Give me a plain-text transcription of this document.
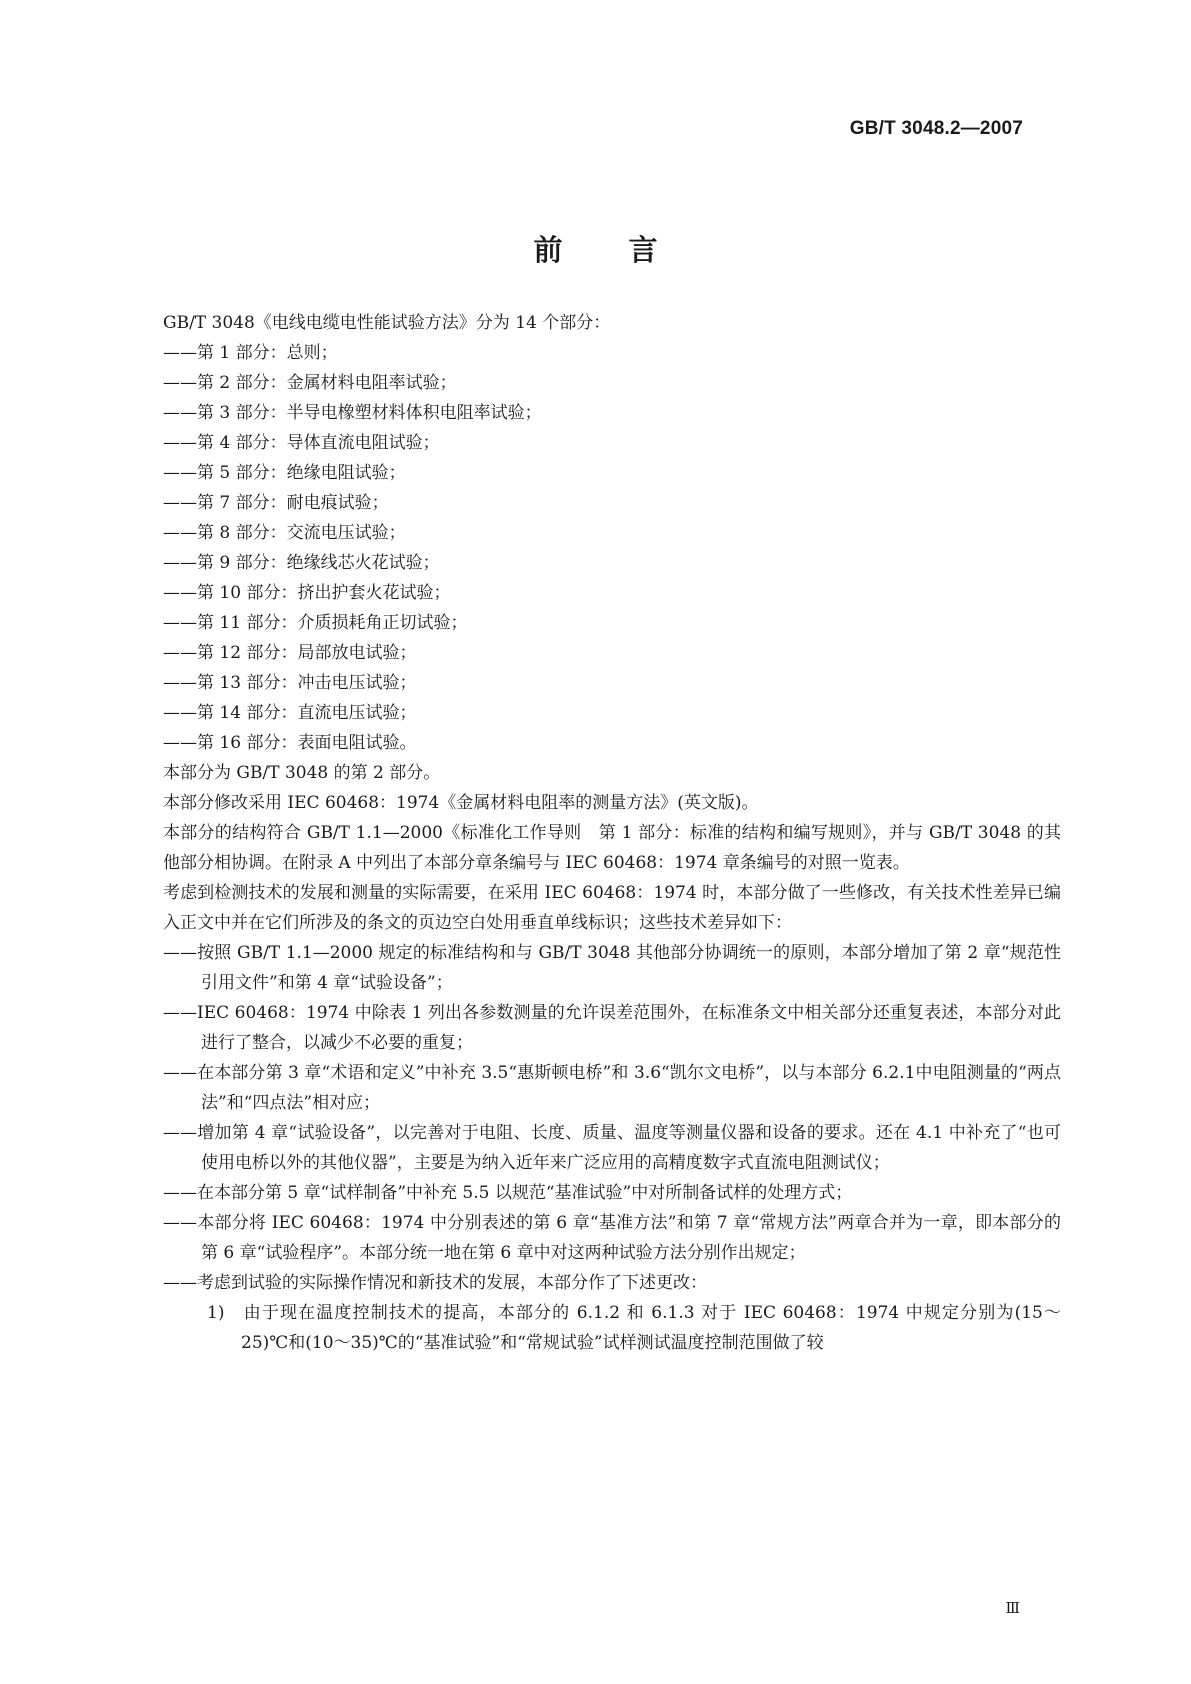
GB/T 3048.2—2007
前 言

GB/T 3048《电线电缆电性能试验方法》分为 14 个部分：

——第 1 部分：总则；
——第 2 部分：金属材料电阻率试验；
——第 3 部分：半导电橡塑材料体积电阻率试验；
——第 4 部分：导体直流电阻试验；
——第 5 部分：绝缘电阻试验；
——第 7 部分：耐电痕试验；
——第 8 部分：交流电压试验；
——第 9 部分：绝缘线芯火花试验；
——第 10 部分：挤出护套火花试验；
——第 11 部分：介质损耗角正切试验；
——第 12 部分：局部放电试验；
——第 13 部分：冲击电压试验；
——第 14 部分：直流电压试验；
——第 16 部分：表面电阻试验。

本部分为 GB/T 3048 的第 2 部分。

本部分修改采用 IEC 60468：1974《金属材料电阻率的测量方法》(英文版)。

本部分的结构符合 GB/T 1.1—2000《标准化工作导则　第 1 部分：标准的结构和编写规则》，并与 GB/T 3048 的其他部分相协调。在附录 A 中列出了本部分章条编号与 IEC 60468：1974 章条编号的对照一览表。

考虑到检测技术的发展和测量的实际需要，在采用 IEC 60468：1974 时，本部分做了一些修改，有关技术性差异已编入正文中并在它们所涉及的条文的页边空白处用垂直单线标识；这些技术差异如下：

——按照 GB/T 1.1—2000 规定的标准结构和与 GB/T 3048 其他部分协调统一的原则，本部分增加了第 2 章“规范性引用文件”和第 4 章“试验设备”；

——IEC 60468：1974 中除表 1 列出各参数测量的允许误差范围外，在标准条文中相关部分还重复表述，本部分对此进行了整合，以减少不必要的重复；

——在本部分第 3 章“术语和定义”中补充 3.5“惠斯顿电桥”和 3.6“凯尔文电桥”，以与本部分 6.2.1中电阻测量的“两点法”和“四点法”相对应；

——增加第 4 章“试验设备”，以完善对于电阻、长度、质量、温度等测量仪器和设备的要求。还在 4.1 中补充了“也可使用电桥以外的其他仪器”，主要是为纳入近年来广泛应用的高精度数字式直流电阻测试仪；

——在本部分第 5 章“试样制备”中补充 5.5 以规范“基准试验”中对所制备试样的处理方式；

——本部分将 IEC 60468：1974 中分别表述的第 6 章“基准方法”和第 7 章“常规方法”两章合并为一章，即本部分的第 6 章“试验程序”。本部分统一地在第 6 章中对这两种试验方法分别作出规定；

——考虑到试验的实际操作情况和新技术的发展，本部分作了下述更改：

1)　由于现在温度控制技术的提高，本部分的 6.1.2 和 6.1.3 对于 IEC 60468：1974 中规定分别为(15～25)℃和(10～35)℃的“基准试验”和“常规试验”试样测试温度控制范围做了较

Ⅲ
